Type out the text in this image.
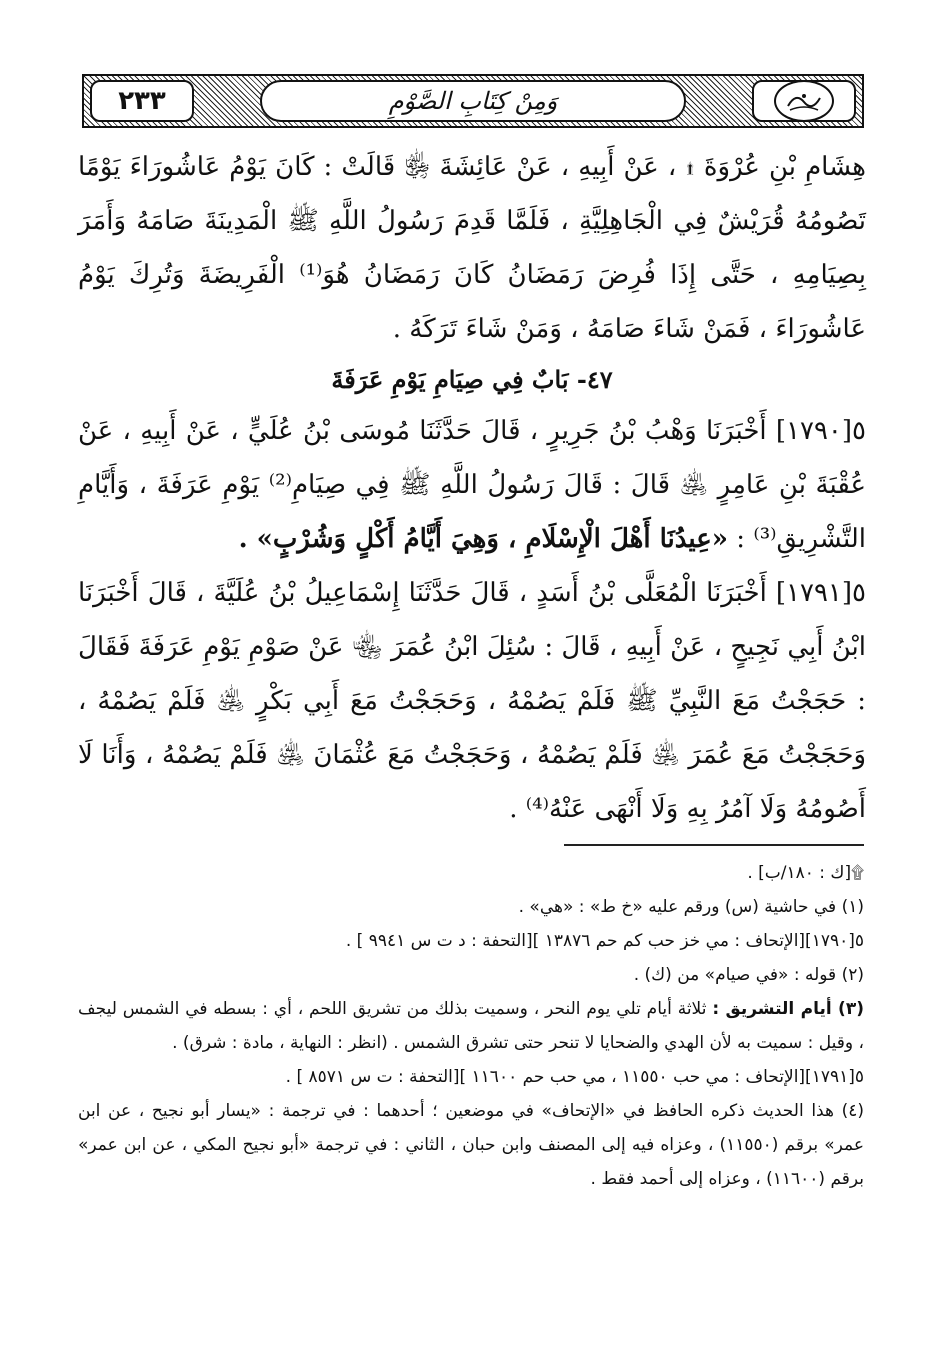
٢٣٣	وَمِنْ كِتَابِ الصَّوْمِ

هِشَامِ بْنِ عُرْوَةَ ۩ ، عَنْ أَبِيهِ ، عَنْ عَائِشَةَ ﵂ قَالَتْ : كَانَ يَوْمُ عَاشُورَاءَ يَوْمًا تَصُومُهُ قُرَيْشٌ فِي الْجَاهِلِيَّةِ ، فَلَمَّا قَدِمَ رَسُولُ اللَّهِ ﷺ الْمَدِينَةَ صَامَهُ وَأَمَرَ بِصِيَامِهِ ، حَتَّى إِذَا فُرِضَ رَمَضَانُ كَانَ رَمَضَانُ هُوَ⁽¹⁾ الْفَرِيضَةَ وَتُرِكَ يَوْمُ عَاشُورَاءَ ، فَمَنْ شَاءَ صَامَهُ ، وَمَنْ شَاءَ تَرَكَهُ .

٤٧- بَابٌ فِي صِيَامِ يَوْمِ عَرَفَةَ

٥[١٧٩٠] أَخْبَرَنَا وَهْبُ بْنُ جَرِيرٍ ، قَالَ حَدَّثَنَا مُوسَى بْنُ عُلَيٍّ ، عَنْ أَبِيهِ ، عَنْ عُقْبَةَ بْنِ عَامِرٍ ﵁ قَالَ : قَالَ رَسُولُ اللَّهِ ﷺ فِي صِيَامِ⁽²⁾ يَوْمِ عَرَفَةَ ، وَأَيَّامِ التَّشْرِيقِ⁽³⁾ : «عِيدُنَا أَهْلَ الْإِسْلَامِ ، وَهِيَ أَيَّامُ أَكْلٍ وَشُرْبٍ» .

٥[١٧٩١] أَخْبَرَنَا الْمُعَلَّى بْنُ أَسَدٍ ، قَالَ حَدَّثَنَا إِسْمَاعِيلُ بْنُ عُلَيَّةَ ، قَالَ أَخْبَرَنَا ابْنُ أَبِي نَجِيحٍ ، عَنْ أَبِيهِ ، قَالَ : سُئِلَ ابْنُ عُمَرَ ﵄ عَنْ صَوْمِ يَوْمِ عَرَفَةَ فَقَالَ : حَجَجْتُ مَعَ النَّبِيِّ ﷺ فَلَمْ يَصُمْهُ ، وَحَجَجْتُ مَعَ أَبِي بَكْرٍ ﵁ فَلَمْ يَصُمْهُ ، وَحَجَجْتُ مَعَ عُمَرَ ﵁ فَلَمْ يَصُمْهُ ، وَحَجَجْتُ مَعَ عُثْمَانَ ﵁ فَلَمْ يَصُمْهُ ، وَأَنَا لَا أَصُومُهُ وَلَا آمُرُ بِهِ وَلَا أَنْهَى عَنْهُ⁽⁴⁾ .

۩[ك : ١٨٠/ب] .

(١) في حاشية (س) ورقم عليه «خ ط» : «هي» .

٥[١٧٩٠][الإتحاف : مي خز حب كم حم ١٣٨٧٦ ][التحفة : د ت س ٩٩٤١ ] .

(٢) قوله : «في صيام» من (ك) .

(٣) أيام التشريق : ثلاثة أيام تلي يوم النحر ، وسميت بذلك من تشريق اللحم ، أي : بسطه في الشمس ليجف ، وقيل : سميت به لأن الهدي والضحايا لا تنحر حتى تشرق الشمس . (انظر : النهاية ، مادة : شرق) .

٥[١٧٩١][الإتحاف : مي حب ١١٥٥٠ ، مي حب حم ١١٦٠٠ ][التحفة : ت س ٨٥٧١ ] .

(٤) هذا الحديث ذكره الحافظ في «الإتحاف» في موضعين ؛ أحدهما : في ترجمة : «يسار أبو نجيح ، عن ابن عمر» برقم (١١٥٥٠) ، وعزاه فيه إلى المصنف وابن حبان ، الثاني : في ترجمة «أبو نجيح المكي ، عن ابن عمر» برقم (١١٦٠٠) ، وعزاه إلى أحمد فقط .
